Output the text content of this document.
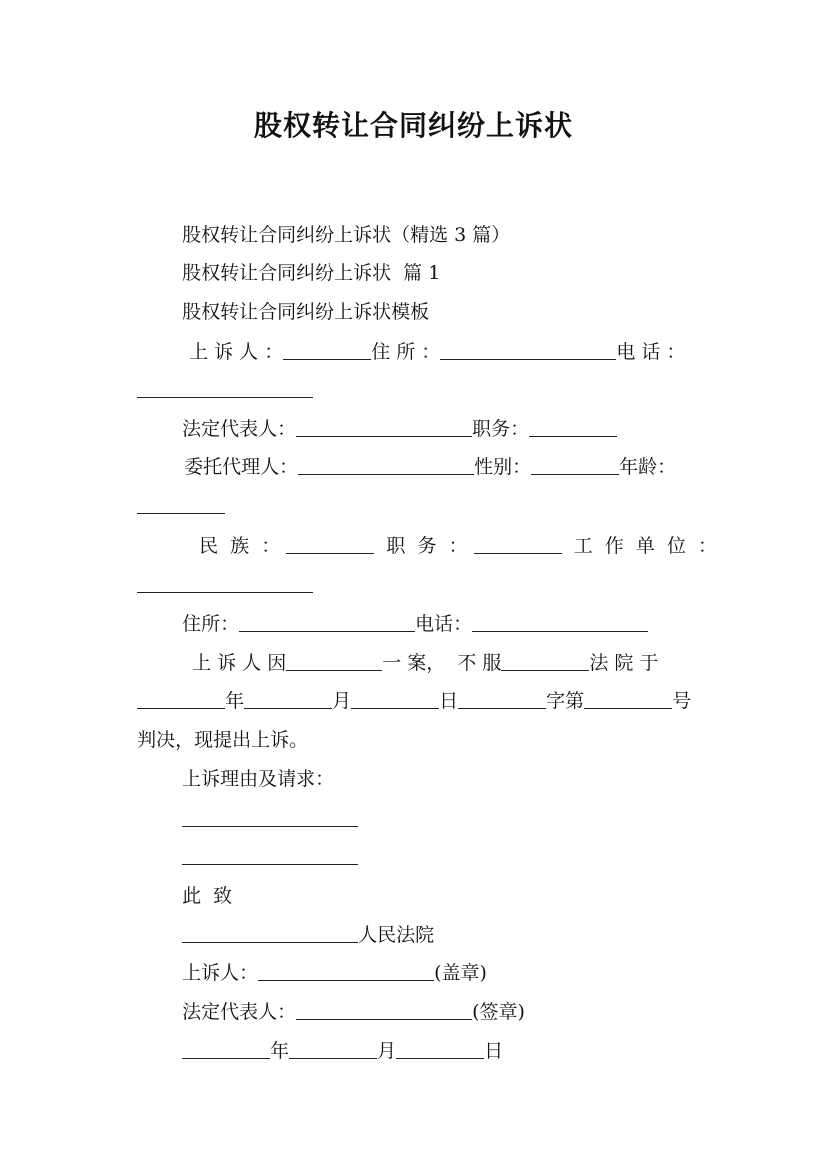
股权转让合同纠纷上诉状

股权转让合同纠纷上诉状（精选 3 篇）

股权转让合同纠纷上诉状  篇 1

股权转让合同纠纷上诉状模板

上 诉 人 ：	住 所 ：	电 话 ：

法定代表人：	职务：

委托代理人：	性别：	年龄：

民  族  ：	职  务  ：	工  作  单  位  ：

住所：	电话：

上 诉 人 因	一 案，  不 服	法 院 于

年	月	日	字第	号

判决，现提出上诉。

上诉理由及请求：

此  致

人民法院

上诉人：	(盖章)

法定代表人：	(签章)

年	月	日
